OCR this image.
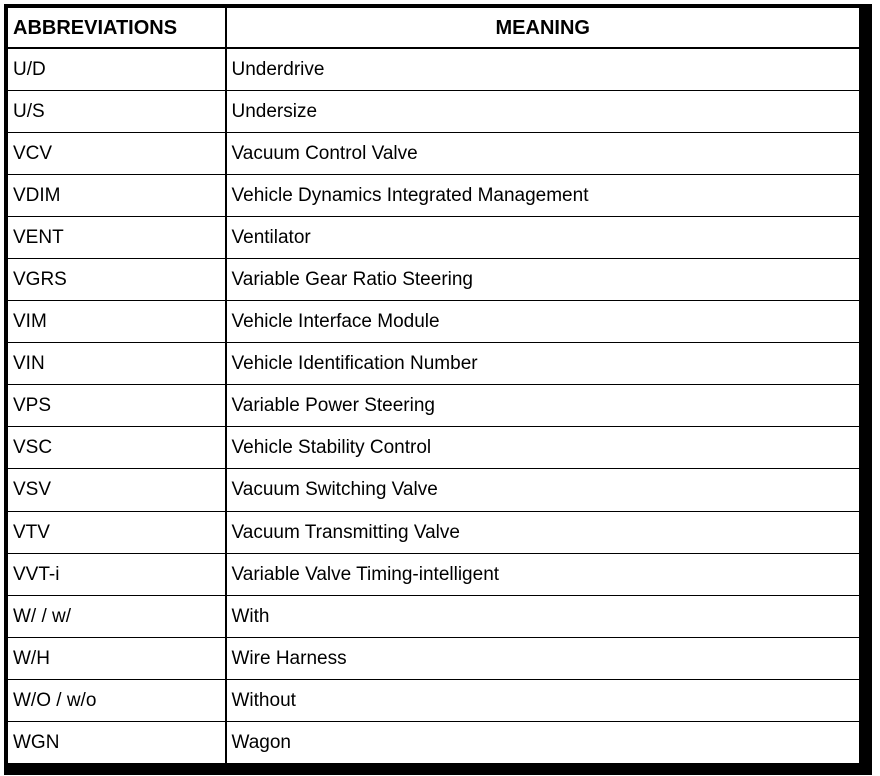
ABBREVIATIONS	MEANING
U/D	Underdrive
U/S	Undersize
VCV	Vacuum Control Valve
VDIM	Vehicle Dynamics Integrated Management
VENT	Ventilator
VGRS	Variable Gear Ratio Steering
VIM	Vehicle Interface Module
VIN	Vehicle Identification Number
VPS	Variable Power Steering
VSC	Vehicle Stability Control
VSV	Vacuum Switching Valve
VTV	Vacuum Transmitting Valve
VVT-i	Variable Valve Timing-intelligent
W/ / w/	With
W/H	Wire Harness
W/O / w/o	Without
WGN	Wagon
